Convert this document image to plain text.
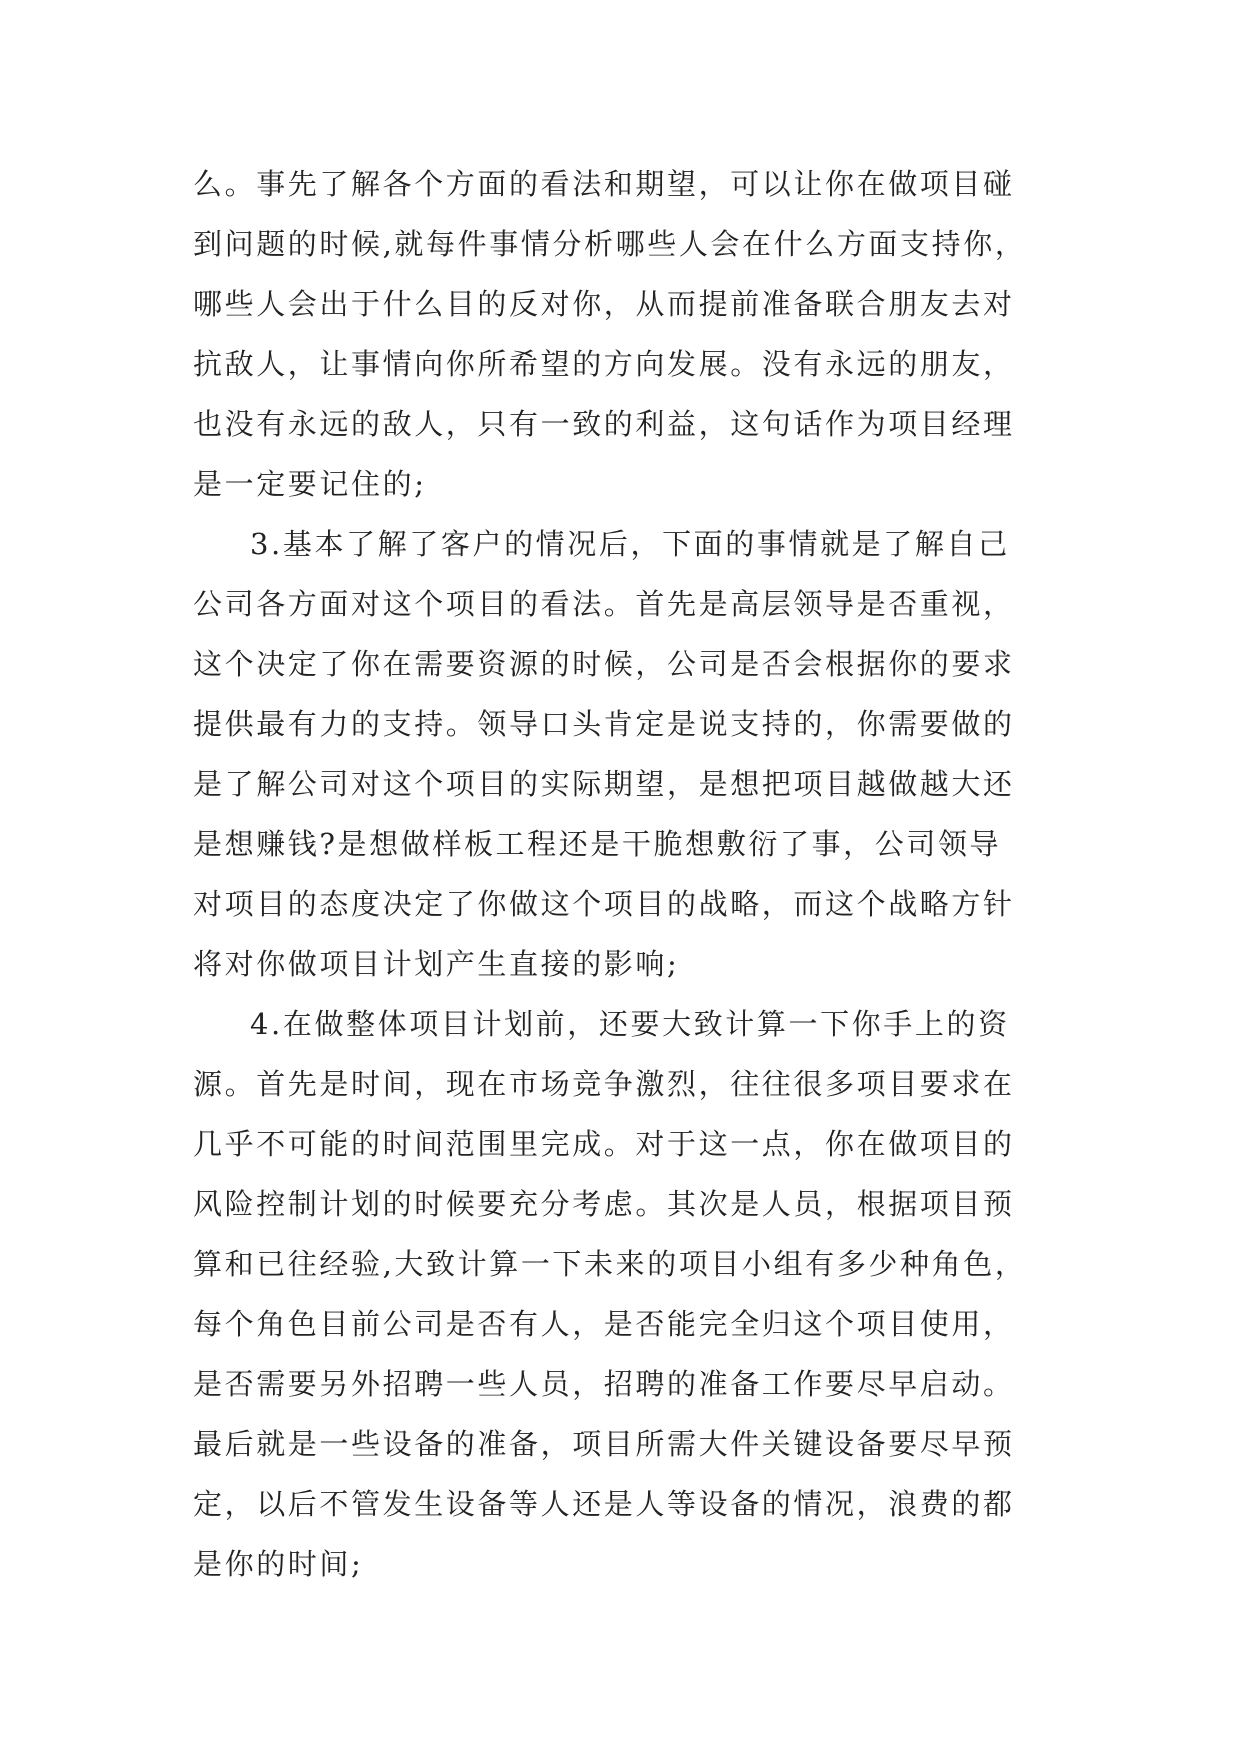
么。事先了解各个方面的看法和期望，可以让你在做项目碰

到问题的时候,就每件事情分析哪些人会在什么方面支持你，

哪些人会出于什么目的反对你，从而提前准备联合朋友去对

抗敌人，让事情向你所希望的方向发展。没有永远的朋友，

也没有永远的敌人，只有一致的利益，这句话作为项目经理

是一定要记住的;

3.基本了解了客户的情况后，下面的事情就是了解自己

公司各方面对这个项目的看法。首先是高层领导是否重视，

这个决定了你在需要资源的时候，公司是否会根据你的要求

提供最有力的支持。领导口头肯定是说支持的，你需要做的

是了解公司对这个项目的实际期望，是想把项目越做越大还

是想赚钱?是想做样板工程还是干脆想敷衍了事，公司领导

对项目的态度决定了你做这个项目的战略，而这个战略方针

将对你做项目计划产生直接的影响;

4.在做整体项目计划前，还要大致计算一下你手上的资

源。首先是时间，现在市场竞争激烈，往往很多项目要求在

几乎不可能的时间范围里完成。对于这一点，你在做项目的

风险控制计划的时候要充分考虑。其次是人员，根据项目预

算和已往经验,大致计算一下未来的项目小组有多少种角色，

每个角色目前公司是否有人，是否能完全归这个项目使用，

是否需要另外招聘一些人员，招聘的准备工作要尽早启动。

最后就是一些设备的准备，项目所需大件关键设备要尽早预

定，以后不管发生设备等人还是人等设备的情况，浪费的都

是你的时间;
